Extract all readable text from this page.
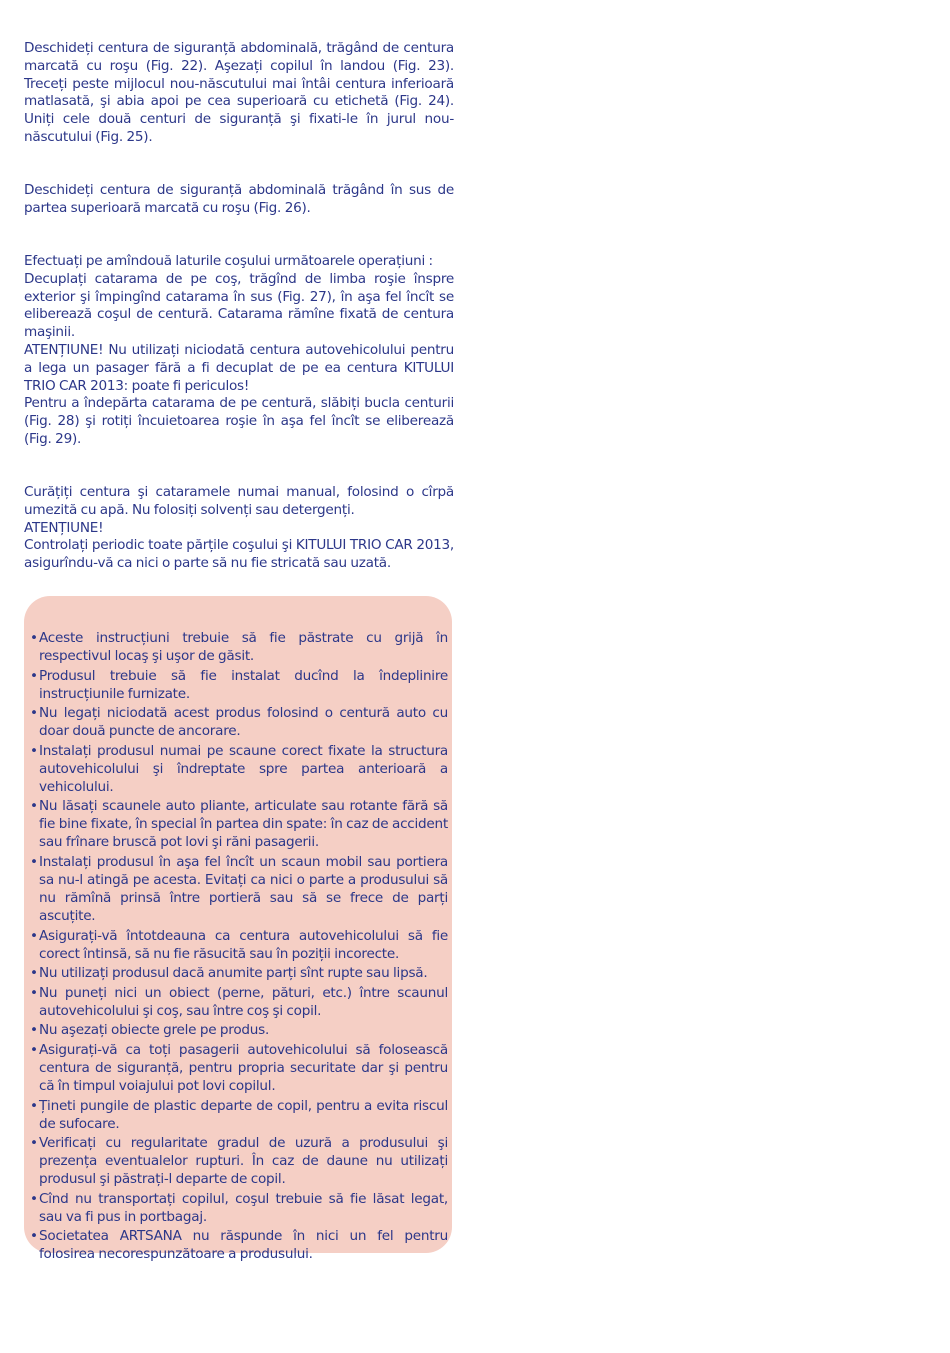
Deschideți centura de siguranță abdominală, trăgând de centura marcată cu roşu (Fig. 22). Aşezați copilul în landou (Fig. 23). Treceți peste mijlocul nou-născutului mai întâi centura inferioară matlasată, şi abia apoi pe cea superioară cu etichetă (Fig. 24). Uniți cele două centuri de siguranță şi fixati-le în jurul nou-născutului (Fig. 25).

Deschideți centura de siguranță abdominală trăgând în sus de partea superioară marcată cu roşu (Fig. 26).

Efectuați pe amîndouă laturile coşului următoarele operațiuni :
Decuplați catarama de pe coş, trăgînd de limba roşie înspre exterior şi împingînd catarama în sus (Fig. 27), în aşa fel încît se eliberează coşul de centură. Catarama rămîne fixată de centura maşinii.
ATENȚIUNE! Nu utilizați niciodată centura autovehicolului pentru a lega un pasager fără a fi decuplat de pe ea centura KITULUI TRIO CAR 2013: poate fi periculos!
Pentru a îndepărta catarama de pe centură, slăbiți bucla centurii (Fig. 28) şi rotiți încuietoarea roşie în aşa fel încît se eliberează (Fig. 29).

Curățiți centura şi cataramele numai manual, folosind o cîrpă umezită cu apă. Nu folosiți solvenți sau detergenți.
ATENȚIUNE!
Controlați periodic toate părțile coşului şi KITULUI TRIO CAR 2013, asigurîndu-vă ca nici o parte să nu fie stricată sau uzată.

• Aceste instrucțiuni trebuie să fie păstrate cu grijă în respectivul locaş şi uşor de găsit.
• Produsul trebuie să fie instalat ducînd la îndeplinire instrucțiunile furnizate.
• Nu legați niciodată acest produs folosind o centură auto cu doar două puncte de ancorare.
• Instalați produsul numai pe scaune corect fixate la structura autovehicolului şi îndreptate spre partea anterioară a vehicolului.
• Nu lăsați scaunele auto pliante, articulate sau rotante fără să fie bine fixate, în special în partea din spate: în caz de accident sau frînare bruscă pot lovi şi răni pasagerii.
• Instalați produsul în aşa fel încît un scaun mobil sau portiera sa nu-l atingă pe acesta. Evitați ca nici o parte a produsului să nu rămînă prinsă între portieră sau să se frece de parți ascuțite.
• Asigurați-vă întotdeauna ca centura autovehicolului să fie corect întinsă, să nu fie răsucită sau în poziții incorecte.
• Nu utilizați produsul dacă anumite parți sînt rupte sau lipsă.
• Nu puneți nici un obiect (perne, pături, etc.) între scaunul autovehicolului şi coş, sau între coş şi copil.
• Nu aşezați obiecte grele pe produs.
• Asigurați-vă ca toți pasagerii autovehicolului să folosească centura de siguranță, pentru propria securitate dar şi pentru că în timpul voiajului pot lovi copilul.
• Țineti pungile de plastic departe de copil, pentru a evita riscul de sufocare.
• Verificați cu regularitate gradul de uzură a produsului şi prezența eventualelor rupturi. În caz de daune nu utilizați produsul şi păstrați-l departe de copil.
• Cînd nu transportați copilul, coşul trebuie să fie lăsat legat, sau va fi pus in portbagaj.
• Societatea ARTSANA nu răspunde în nici un fel pentru folosirea necorespunzătoare a produsului.
